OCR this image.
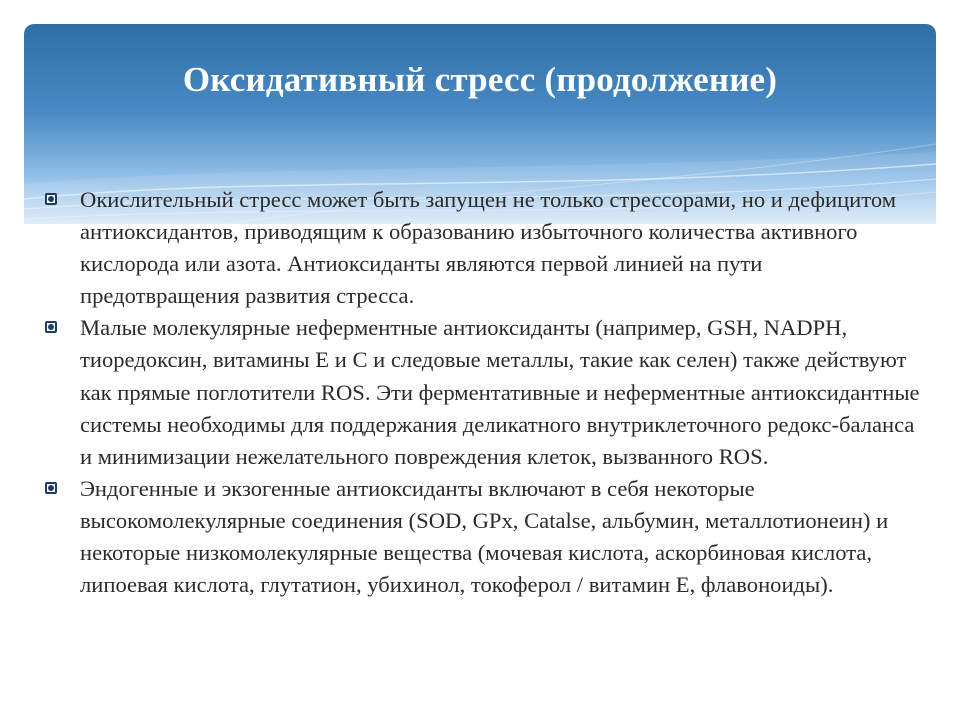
Оксидативный стресс (продолжение)
Окислительный стресс может быть запущен не только стрессорами, но и дефицитом антиоксидантов, приводящим к образованию избыточного количества активного кислорода или азота. Антиоксиданты являются первой линией на пути предотвращения развития стресса.
Малые молекулярные неферментные антиоксиданты (например, GSH, NADPH, тиоредоксин, витамины Е и С и следовые металлы, такие как селен) также действуют как прямые поглотители ROS. Эти ферментативные и неферментные антиоксидантные системы необходимы для поддержания деликатного внутриклеточного редокс-баланса и минимизации нежелательного повреждения клеток, вызванного ROS.
Эндогенные и экзогенные антиоксиданты включают в себя некоторые высокомолекулярные соединения (SOD, GPx, Catalse, альбумин, металлотионеин) и некоторые низкомолекулярные вещества (мочевая кислота, аскорбиновая кислота, липоевая кислота, глутатион, убихинол, токоферол / витамин Е, флавоноиды).
